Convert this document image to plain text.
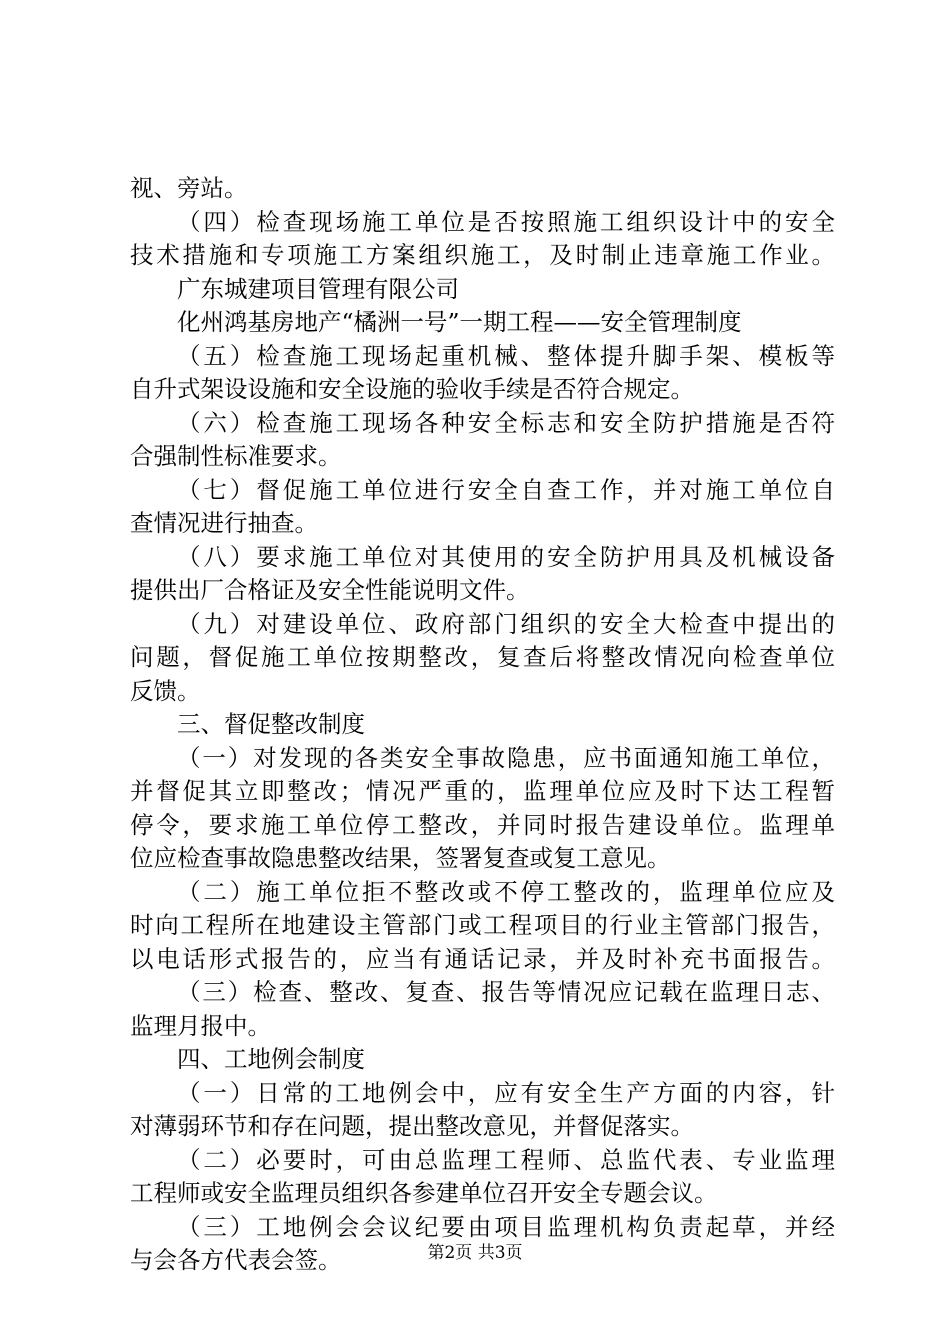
视、旁站。
（四）检查现场施工单位是否按照施工组织设计中的安全
技术措施和专项施工方案组织施工，及时制止违章施工作业。
广东城建项目管理有限公司
化州鸿基房地产“橘洲一号”一期工程——安全管理制度
（五）检查施工现场起重机械、整体提升脚手架、模板等
自升式架设设施和安全设施的验收手续是否符合规定。
（六）检查施工现场各种安全标志和安全防护措施是否符
合强制性标准要求。
（七）督促施工单位进行安全自查工作，并对施工单位自
查情况进行抽查。
（八）要求施工单位对其使用的安全防护用具及机械设备
提供出厂合格证及安全性能说明文件。
（九）对建设单位、政府部门组织的安全大检查中提出的
问题，督促施工单位按期整改，复查后将整改情况向检查单位
反馈。
三、督促整改制度
（一）对发现的各类安全事故隐患，应书面通知施工单位，
并督促其立即整改；情况严重的，监理单位应及时下达工程暂
停令，要求施工单位停工整改，并同时报告建设单位。监理单
位应检查事故隐患整改结果，签署复查或复工意见。
（二）施工单位拒不整改或不停工整改的，监理单位应及
时向工程所在地建设主管部门或工程项目的行业主管部门报告，
以电话形式报告的，应当有通话记录，并及时补充书面报告。
（三）检查、整改、复查、报告等情况应记载在监理日志、
监理月报中。
四、工地例会制度
（一）日常的工地例会中，应有安全生产方面的内容，针
对薄弱环节和存在问题，提出整改意见，并督促落实。
（二）必要时，可由总监理工程师、总监代表、专业监理
工程师或安全监理员组织各参建单位召开安全专题会议。
（三）工地例会会议纪要由项目监理机构负责起草，并经
与会各方代表会签。	第2页 共3页
